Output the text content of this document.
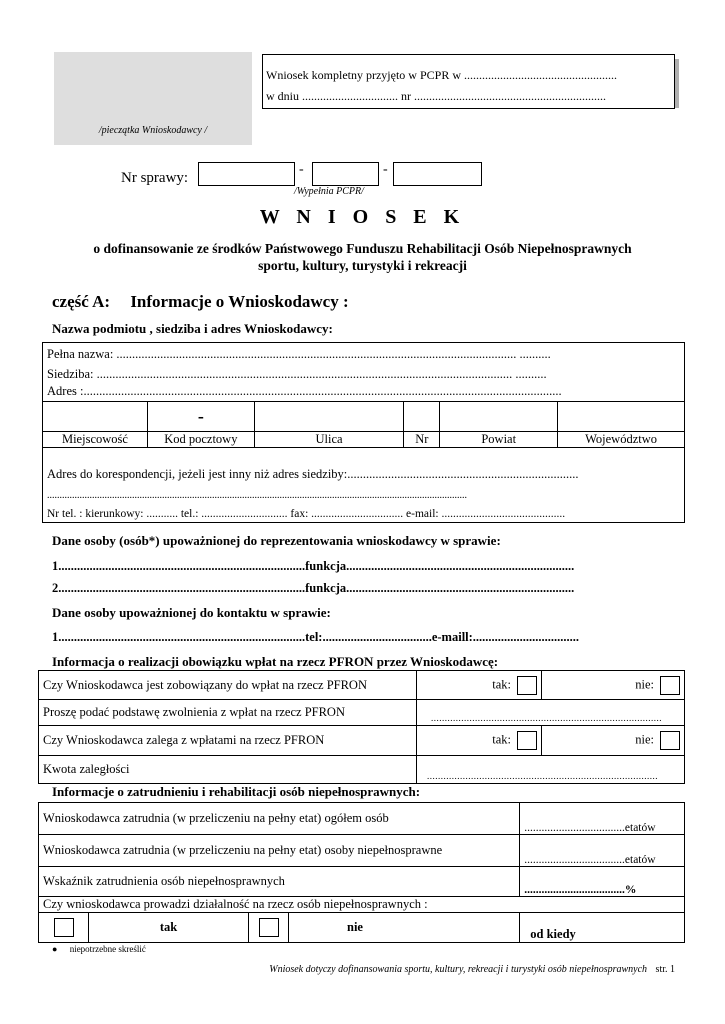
/pieczątka Wnioskodawcy /
Wniosek kompletny przyjęto w PCPR w ...................................................
w dniu ................................ nr ................................................................
Nr sprawy:
-	-
/Wypełnia PCPR/
W N I O S E K
o dofinansowanie ze środków Państwowego Funduszu Rehabilitacji Osób Niepełnosprawnych
sportu, kultury, turystyki i rekreacji
część A: Informacje o Wnioskodawcy :
Nazwa podmiotu , siedziba i adres Wnioskodawcy:
Pełna nazwa: ................................................................................................................................ ..........
Siedziba: ..................................................................................................................................... ..........
Adres :.........................................................................................................................................................
	-				
Miejscowość	Kod pocztowy	Ulica	Nr	Powiat	Województwo
Adres do korespondencji, jeżeli jest inny niż adres siedziby:..........................................................................
........................................................................................................................................................................
Nr tel. : kierunkowy: ........... tel.: .............................. fax: ................................ e-mail: ...........................................
Dane osoby (osób*) upoważnionej do reprezentowania wnioskodawcy w sprawie:
1...............................................................................funkcja.........................................................................
2...............................................................................funkcja.........................................................................
Dane osoby upoważnionej do kontaktu w sprawie:
1...............................................................................tel:...................................e-maill:..................................
Informacja o realizacji obowiązku wpłat na rzecz PFRON przez Wnioskodawcę:
Czy Wnioskodawca jest zobowiązany do wpłat na rzecz PFRON	tak:	nie:
Proszę podać podstawę zwolnienia z wpłat na rzecz PFRON	....................................................................................	
Czy Wnioskodawca zalega z wpłatami na rzecz PFRON	tak:	nie:
Kwota zaległości	....................................................................................	
Informacje o zatrudnieniu i rehabilitacji osób niepełnosprawnych:
Wnioskodawca zatrudnia (w przeliczeniu na pełny etat) ogółem osób				...................................etatów
Wnioskodawca zatrudnia (w przeliczeniu na pełny etat) osoby niepełnosprawne				...................................etatów
Wskaźnik zatrudnienia osób niepełnosprawnych				...................................%
Czy wnioskodawca prowadzi działalność na rzecz osób niepełnosprawnych :				
	tak		nie	od kiedy
● niepotrzebne skreślić
Wniosek dotyczy dofinansowania sportu, kultury, rekreacji i turystyki osób niepełnosprawnych str. 1
